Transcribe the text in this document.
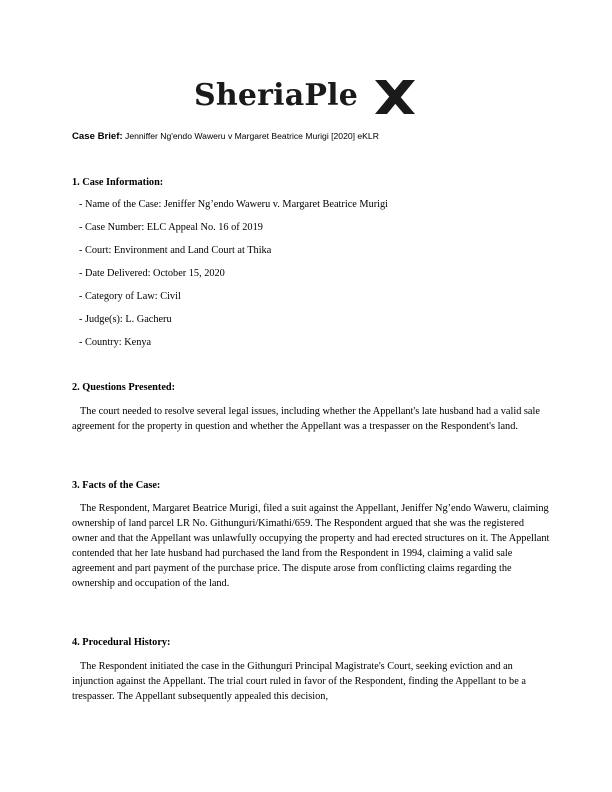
SheriaPle
Case Brief: Jenniffer Ng'endo Waweru v Margaret Beatrice Murigi [2020] eKLR
1. Case Information:
- Name of the Case: Jeniffer Ng’endo Waweru v. Margaret Beatrice Murigi
- Case Number: ELC Appeal No. 16 of 2019
- Court: Environment and Land Court at Thika
- Date Delivered: October 15, 2020
- Category of Law: Civil
- Judge(s): L. Gacheru
- Country: Kenya
2. Questions Presented:

The court needed to resolve several legal issues, including whether the Appellant's late husband had a valid sale agreement for the property in question and whether the Appellant was a trespasser on the Respondent's land.

3. Facts of the Case:

The Respondent, Margaret Beatrice Murigi, filed a suit against the Appellant, Jeniffer Ng’endo Waweru, claiming ownership of land parcel LR No. Githunguri/Kimathi/659. The Respondent argued that she was the registered owner and that the Appellant was unlawfully occupying the property and had erected structures on it. The Appellant contended that her late husband had purchased the land from the Respondent in 1994, claiming a valid sale agreement and part payment of the purchase price. The dispute arose from conflicting claims regarding the ownership and occupation of the land.

4. Procedural History:

The Respondent initiated the case in the Githunguri Principal Magistrate's Court, seeking eviction and an injunction against the Appellant. The trial court ruled in favor of the Respondent, finding the Appellant to be a trespasser. The Appellant subsequently appealed this decision,
